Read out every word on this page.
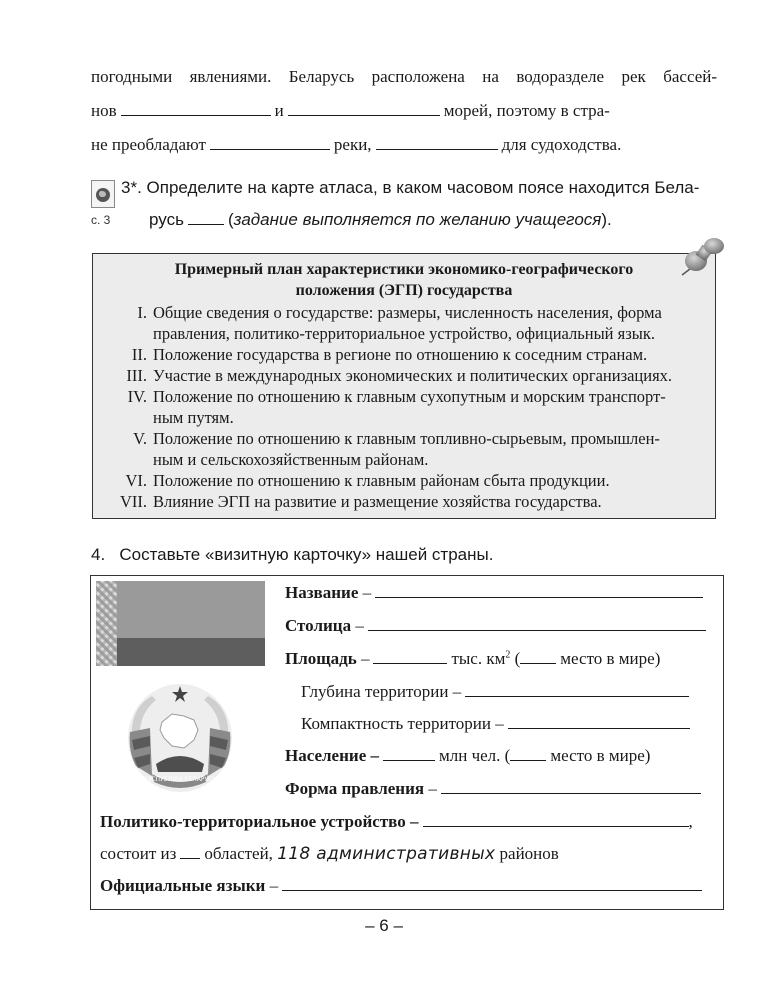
погодными явлениями. Беларусь расположена на водоразделе рек бассей-
нов	и	морей, поэтому в стра-
не преобладают	реки,	для судоходства.
с. 3
3*. Определите на карте атласа, в каком часовом поясе находится Бела-
русь	(задание выполняется по желанию учащегося).
Примерный план характеристики экономико-географического
положения (ЭГП) государства
I. Общие сведения о государстве: размеры, численность населения, форма
правления, политико-территориальное устройство, официальный язык.
II. Положение государства в регионе по отношению к соседним странам.
III. Участие в международных экономических и политических организациях.
IV. Положение по отношению к главным сухопутным и морским транспорт-
ным путям.
V. Положение по отношению к главным топливно-сырьевым, промышлен-
ным и сельскохозяйственным районам.
VI. Положение по отношению к главным районам сбыта продукции.
VII. Влияние ЭГП на развитие и размещение хозяйства государства.
4. Составьте «визитную карточку» нашей страны.
РЭСПУБЛІКА БЕЛАРУСЬ
Название –
Столица –
Площадь –	тыс. $км^2$ ( место в мире)
Глубина территории –
Компактность территории –
Население –	млн чел. ( место в мире)
Форма правления –
Политико-территориальное устройство –	,
состоит из областей, 118 административных районов
Официальные языки –
– 6 –
